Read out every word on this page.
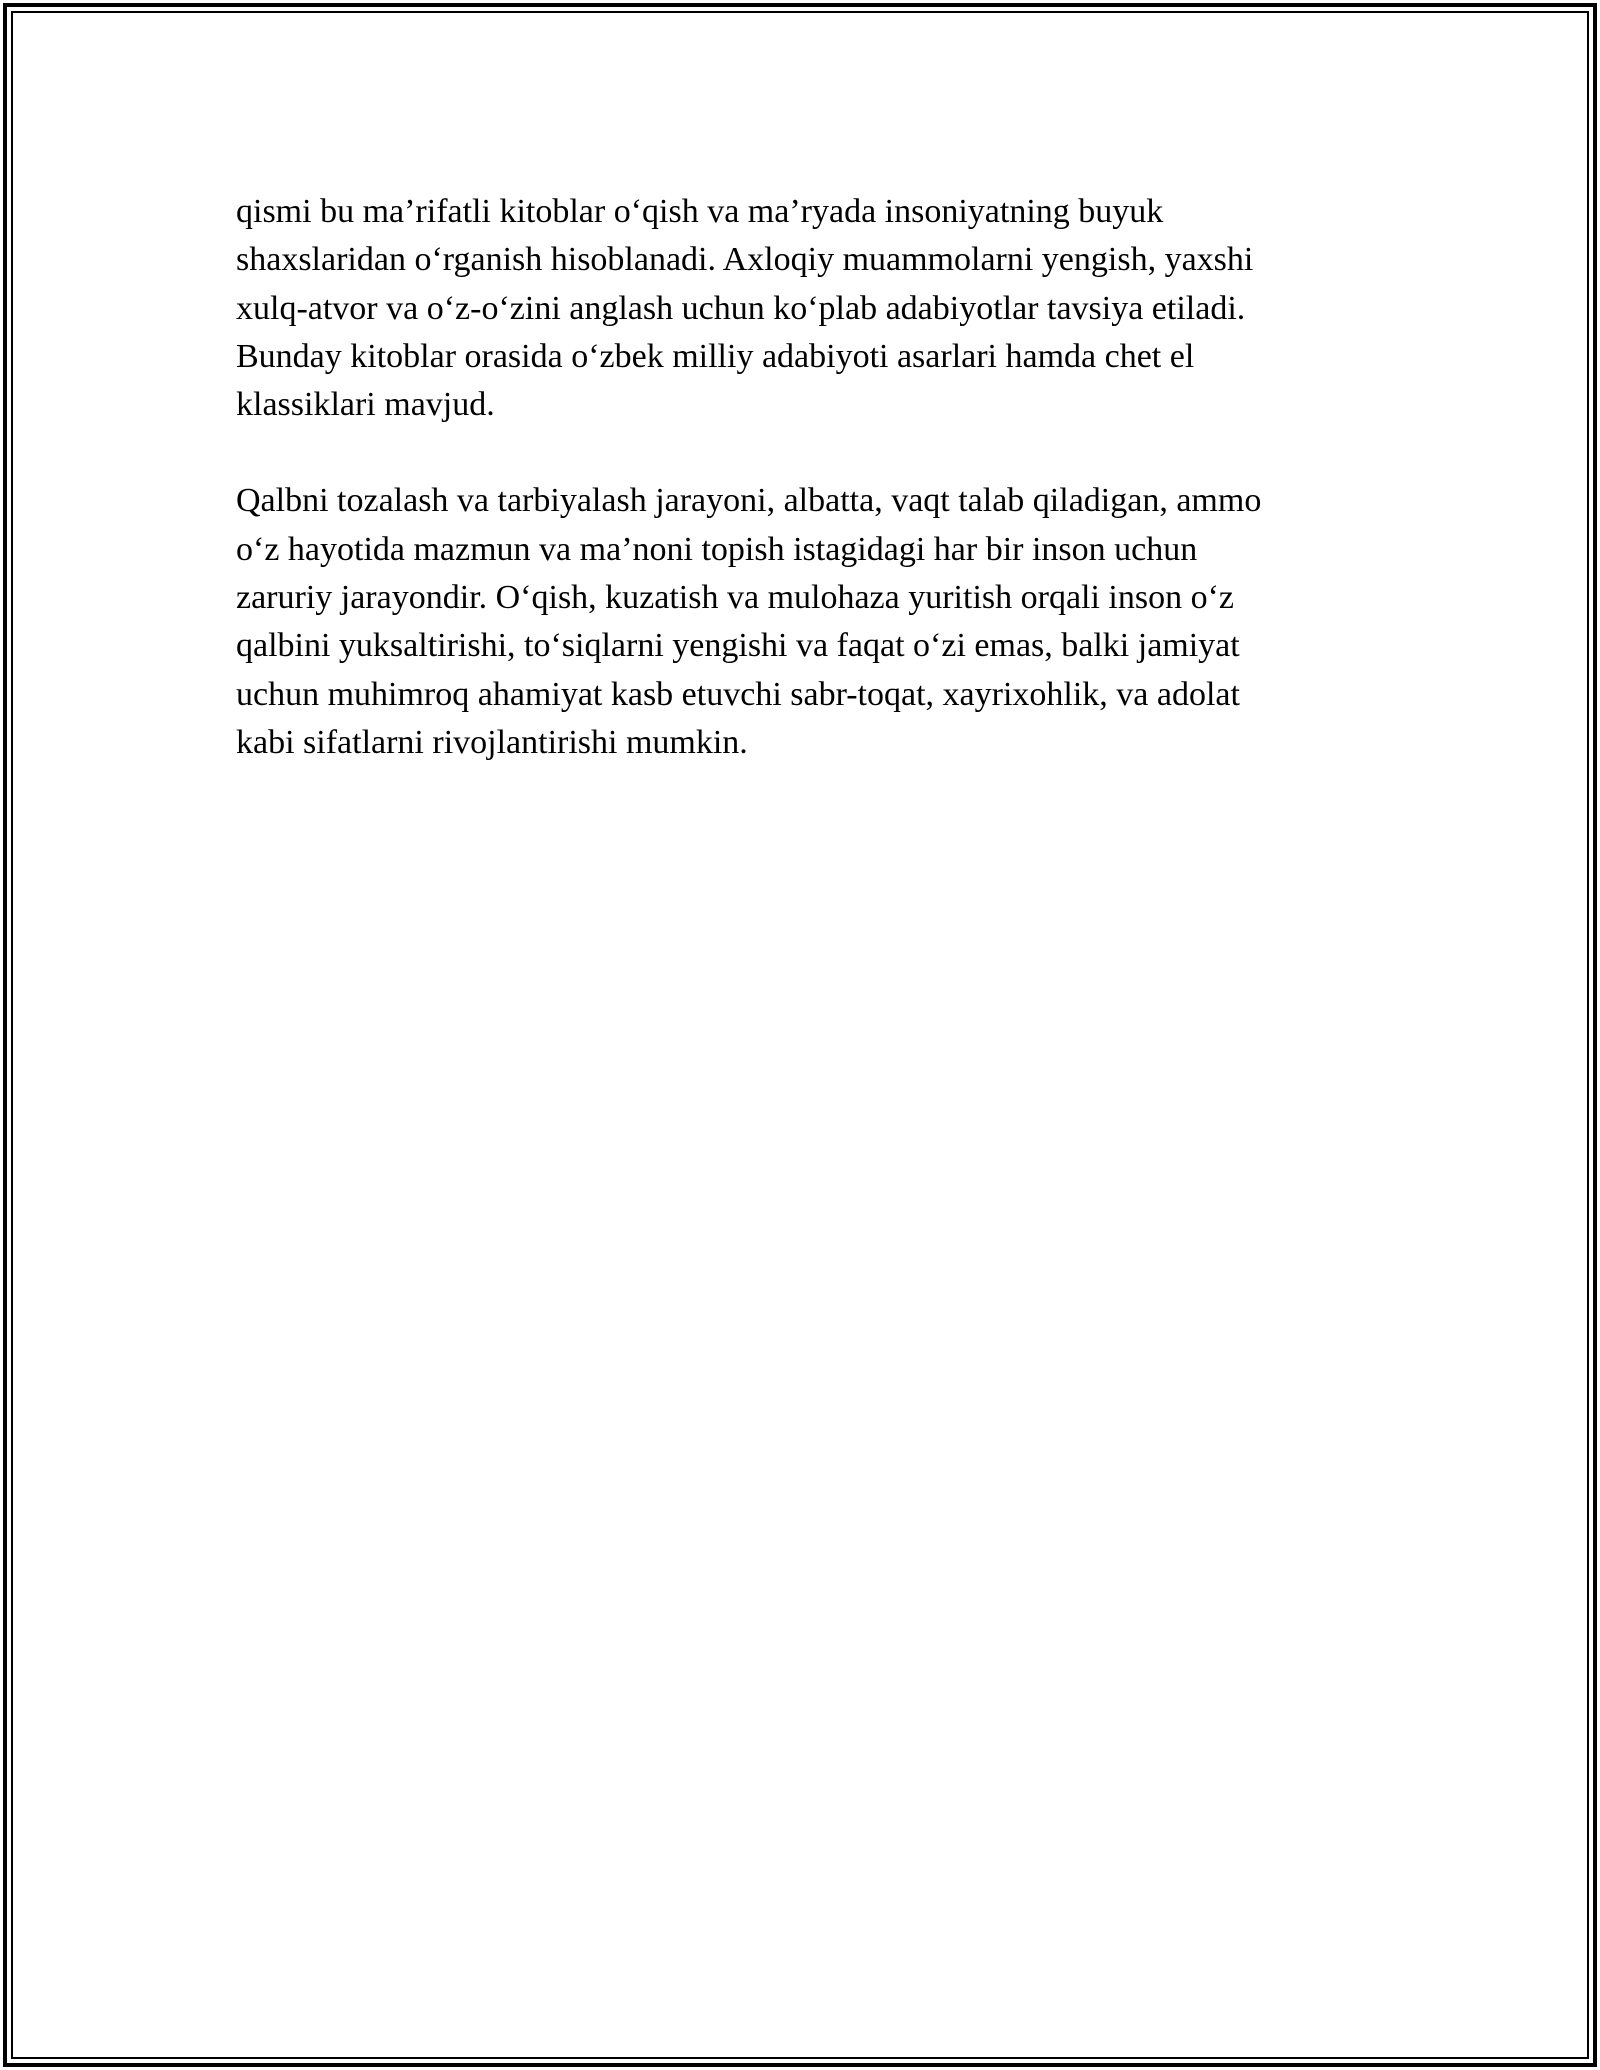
qismi bu ma’rifatli kitoblar o‘qish va ma’ryada insoniyatning buyuk
shaxslaridan o‘rganish hisoblanadi. Axloqiy muammolarni yengish, yaxshi
xulq-atvor va o‘z-o‘zini anglash uchun ko‘plab adabiyotlar tavsiya etiladi.
Bunday kitoblar orasida o‘zbek milliy adabiyoti asarlari hamda chet el
klassiklari mavjud.

Qalbni tozalash va tarbiyalash jarayoni, albatta, vaqt talab qiladigan, ammo
o‘z hayotida mazmun va ma’noni topish istagidagi har bir inson uchun
zaruriy jarayondir. O‘qish, kuzatish va mulohaza yuritish orqali inson o‘z
qalbini yuksaltirishi, to‘siqlarni yengishi va faqat o‘zi emas, balki jamiyat
uchun muhimroq ahamiyat kasb etuvchi sabr-toqat, xayrixohlik, va adolat
kabi sifatlarni rivojlantirishi mumkin.
